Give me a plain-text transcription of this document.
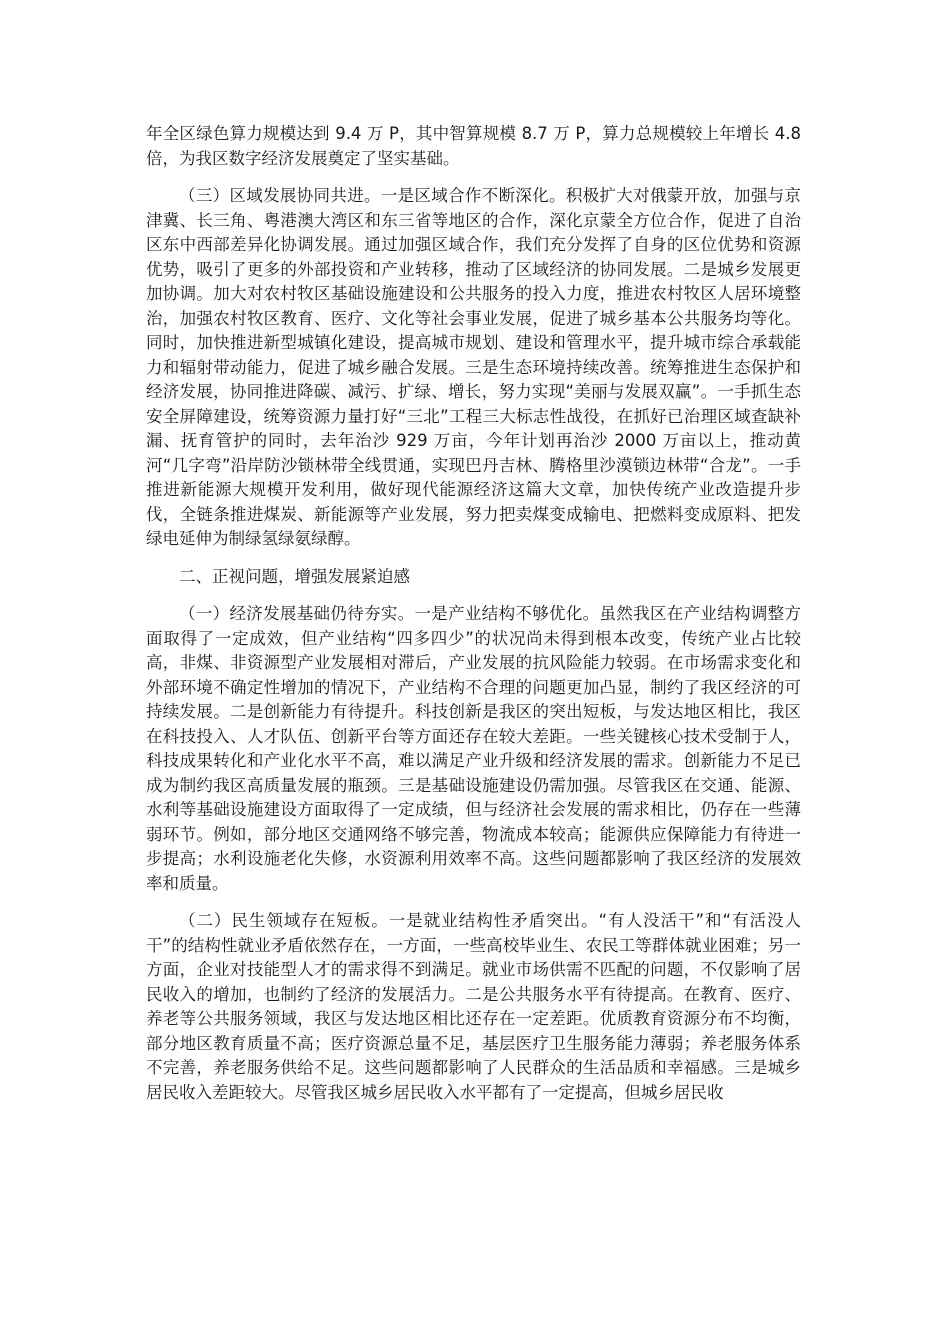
年全区绿色算力规模达到 9.4 万 P，其中智算规模 8.7 万 P，算力总规模较上年增长 4.8 倍，为我区数字经济发展奠定了坚实基础。

（三）区域发展协同共进。一是区域合作不断深化。积极扩大对俄蒙开放，加强与京津冀、长三角、粤港澳大湾区和东三省等地区的合作，深化京蒙全方位合作，促进了自治区东中西部差异化协调发展。通过加强区域合作，我们充分发挥了自身的区位优势和资源优势，吸引了更多的外部投资和产业转移，推动了区域经济的协同发展。二是城乡发展更加协调。加大对农村牧区基础设施建设和公共服务的投入力度，推进农村牧区人居环境整治，加强农村牧区教育、医疗、文化等社会事业发展，促进了城乡基本公共服务均等化。同时，加快推进新型城镇化建设，提高城市规划、建设和管理水平，提升城市综合承载能力和辐射带动能力，促进了城乡融合发展。三是生态环境持续改善。统筹推进生态保护和经济发展，协同推进降碳、减污、扩绿、增长，努力实现“美丽与发展双赢”。一手抓生态安全屏障建设，统筹资源力量打好“三北”工程三大标志性战役，在抓好已治理区域查缺补漏、抚育管护的同时，去年治沙 929 万亩，今年计划再治沙 2000 万亩以上，推动黄河“几字弯”沿岸防沙锁林带全线贯通，实现巴丹吉林、腾格里沙漠锁边林带“合龙”。一手推进新能源大规模开发利用，做好现代能源经济这篇大文章，加快传统产业改造提升步伐，全链条推进煤炭、新能源等产业发展，努力把卖煤变成输电、把燃料变成原料、把发绿电延伸为制绿氢绿氨绿醇。

二、正视问题，增强发展紧迫感

（一）经济发展基础仍待夯实。一是产业结构不够优化。虽然我区在产业结构调整方面取得了一定成效，但产业结构“四多四少”的状况尚未得到根本改变，传统产业占比较高，非煤、非资源型产业发展相对滞后，产业发展的抗风险能力较弱。在市场需求变化和外部环境不确定性增加的情况下，产业结构不合理的问题更加凸显，制约了我区经济的可持续发展。二是创新能力有待提升。科技创新是我区的突出短板，与发达地区相比，我区在科技投入、人才队伍、创新平台等方面还存在较大差距。一些关键核心技术受制于人，科技成果转化和产业化水平不高，难以满足产业升级和经济发展的需求。创新能力不足已成为制约我区高质量发展的瓶颈。三是基础设施建设仍需加强。尽管我区在交通、能源、水利等基础设施建设方面取得了一定成绩，但与经济社会发展的需求相比，仍存在一些薄弱环节。例如，部分地区交通网络不够完善，物流成本较高；能源供应保障能力有待进一步提高；水利设施老化失修，水资源利用效率不高。这些问题都影响了我区经济的发展效率和质量。

（二）民生领域存在短板。一是就业结构性矛盾突出。“有人没活干”和“有活没人干”的结构性就业矛盾依然存在，一方面，一些高校毕业生、农民工等群体就业困难；另一方面，企业对技能型人才的需求得不到满足。就业市场供需不匹配的问题，不仅影响了居民收入的增加，也制约了经济的发展活力。二是公共服务水平有待提高。在教育、医疗、养老等公共服务领域，我区与发达地区相比还存在一定差距。优质教育资源分布不均衡，部分地区教育质量不高；医疗资源总量不足，基层医疗卫生服务能力薄弱；养老服务体系不完善，养老服务供给不足。这些问题都影响了人民群众的生活品质和幸福感。三是城乡居民收入差距较大。尽管我区城乡居民收入水平都有了一定提高，但城乡居民收
